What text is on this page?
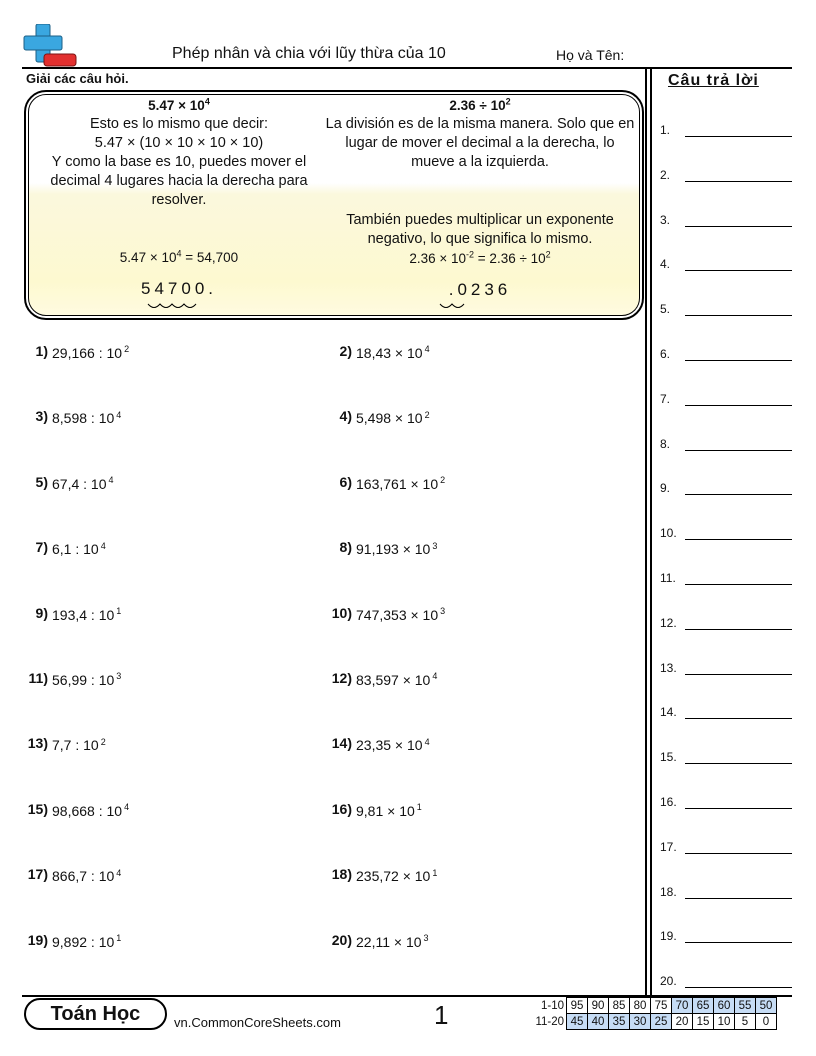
Phép nhân và chia với lũy thừa của 10	Họ và Tên:
Giải các câu hỏi.	Câu trả lời
$5.47 \times 10^4$
Esto es lo mismo que decir:
5.47 × (10 × 10 × 10 × 10)
Y como la base es 10, puedes mover el decimal 4 lugares hacia la derecha para resolver.
$5.47 \times 10^4 = 54,700$
54700.
$2.36 \div 10^2$
La división es de la misma manera. Solo que en lugar de mover el decimal a la derecha, lo mueve a la izquierda.
También puedes multiplicar un exponente negativo, lo que significa lo mismo.
$2.36 \times 10^{-2} = 2.36 \div 10^2$
.0236
1) 29,166 : 10 $^2$	2) 18,43 × 10 $^4$
3) 8,598 : 10 $^4$	4) 5,498 × 10 $^2$
5) 67,4 : 10 $^4$	6) 163,761 × 10 $^2$
7) 6,1 : 10 $^4$	8) 91,193 × 10 $^3$
9) 193,4 : 10 $^1$	10) 747,353 × 10 $^3$
11) 56,99 : 10 $^3$	12) 83,597 × 10 $^4$
13) 7,7 : 10 $^2$	14) 23,35 × 10 $^4$
15) 98,668 : 10 $^4$	16) 9,81 × 10 $^1$
17) 866,7 : 10 $^4$	18) 235,72 × 10 $^1$
19) 9,892 : 10 $^1$	20) 22,11 × 10 $^3$
1.
2.
3.
4.
5.
6.
7.
8.
9.
10.
11.
12.
13.
14.
15.
16.
17.
18.
19.
20.
Toán Học	vn.CommonCoreSheets.com	1	1-10	95	90	85	80	75	70	65	60	55	50
11-20	45	40	35	30	25	20	15	10	5	0
